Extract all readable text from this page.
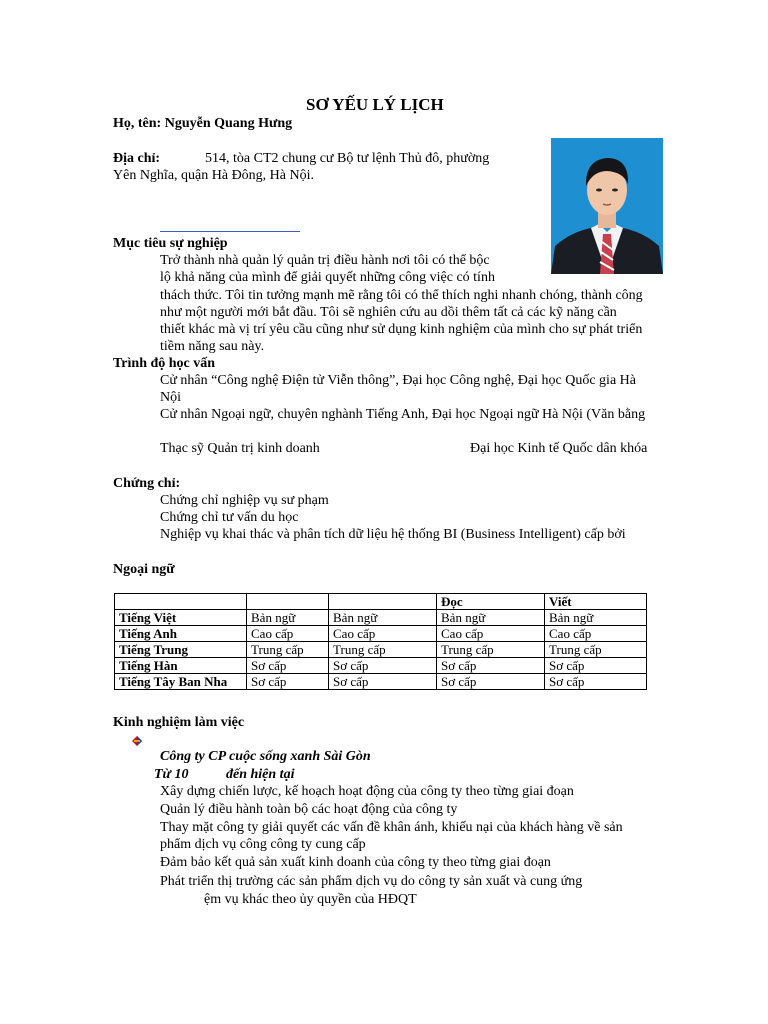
SƠ YẾU LÝ LỊCH
Họ, tên: Nguyễn Quang Hưng
Địa chỉ:	514, tòa CT2 chung cư Bộ tư lệnh Thủ đô, phường
Yên Nghĩa, quận Hà Đông, Hà Nội.
Mục tiêu sự nghiệp
Trở thành nhà quản lý quản trị điều hành nơi tôi có thể bộc
lộ khả năng của mình để giải quyết những công việc có tính
thách thức. Tôi tin tưởng mạnh mẽ rằng tôi có thể thích nghi nhanh chóng, thành công
như một người mới bắt đầu. Tôi sẽ nghiên cứu au dồi thêm tất cả các kỹ năng cần
thiết khác mà vị trí yêu cầu cũng như sử dụng kinh nghiệm của mình cho sự phát triển
tiềm năng sau này.
Trình độ học vấn
Cử nhân “Công nghệ Điện tử Viễn thông”, Đại học Công nghệ, Đại học Quốc gia Hà
Nội
Cử nhân Ngoại ngữ, chuyên nghành Tiếng Anh, Đại học Ngoại ngữ Hà Nội (Văn bằng
Thạc sỹ Quản trị kinh doanh	Đại học Kinh tế Quốc dân khóa
Chứng chỉ:
Chứng chỉ nghiệp vụ sư phạm
Chứng chỉ tư vấn du học
Nghiệp vụ khai thác và phân tích dữ liệu hệ thống BI (Business Intelligent) cấp bởi
Ngoại ngữ
			Đọc	Viết
Tiếng Việt	Bản ngữ	Bản ngữ	Bản ngữ	Bản ngữ
Tiếng Anh	Cao cấp	Cao cấp	Cao cấp	Cao cấp
Tiếng Trung	Trung cấp	Trung cấp	Trung cấp	Trung cấp
Tiếng Hàn	Sơ cấp	Sơ cấp	Sơ cấp	Sơ cấp
Tiếng Tây Ban Nha	Sơ cấp	Sơ cấp	Sơ cấp	Sơ cấp
Kinh nghiệm làm việc
Công ty CP cuộc sống xanh Sài Gòn
Từ 10	đến hiện tại
Xây dựng chiến lược, kế hoạch hoạt động của công ty theo từng giai đoạn
Quản lý điều hành toàn bộ các hoạt động của công ty
Thay mặt công ty giải quyết các vấn đề khân ánh, khiếu nại của khách hàng về sản
phẩm dịch vụ công công ty cung cấp
Đảm bảo kết quả sản xuất kinh doanh của công ty theo từng giai đoạn
Phát triển thị trường các sản phẩm dịch vụ do công ty sản xuất và cung ứng
ệm vụ khác theo ủy quyền của HĐQT
